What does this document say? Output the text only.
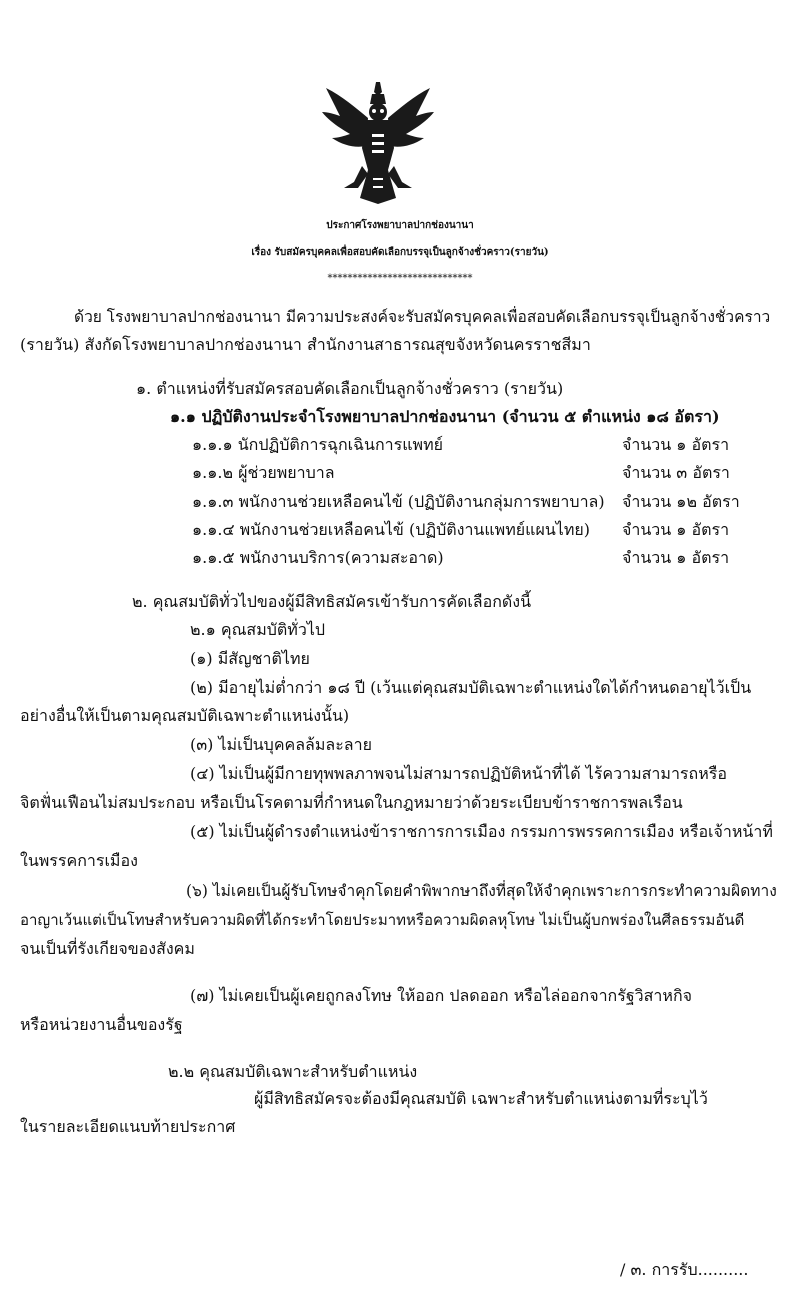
ประกาศโรงพยาบาลปากช่องนานา
เรื่อง รับสมัครบุคคลเพื่อสอบคัดเลือกบรรจุเป็นลูกจ้างชั่วคราว(รายวัน)
*****************************
ด้วย โรงพยาบาลปากช่องนานา มีความประสงค์จะรับสมัครบุคคลเพื่อสอบคัดเลือกบรรจุเป็นลูกจ้างชั่วคราว
(รายวัน) สังกัดโรงพยาบาลปากช่องนานา สำนักงานสาธารณสุขจังหวัดนครราชสีมา
๑. ตำแหน่งที่รับสมัครสอบคัดเลือกเป็นลูกจ้างชั่วคราว (รายวัน)
๑.๑ ปฏิบัติงานประจำโรงพยาบาลปากช่องนานา (จำนวน ๕ ตำแหน่ง ๑๘ อัตรา)
๑.๑.๑ นักปฏิบัติการฉุกเฉินการแพทย์	จำนวน ๑ อัตรา
๑.๑.๒ ผู้ช่วยพยาบาล	จำนวน ๓ อัตรา
๑.๑.๓ พนักงานช่วยเหลือคนไข้ (ปฏิบัติงานกลุ่มการพยาบาล) จำนวน ๑๒ อัตรา
๑.๑.๔ พนักงานช่วยเหลือคนไข้ (ปฏิบัติงานแพทย์แผนไทย) จำนวน ๑ อัตรา
๑.๑.๕ พนักงานบริการ(ความสะอาด)	จำนวน ๑ อัตรา
๒. คุณสมบัติทั่วไปของผู้มีสิทธิสมัครเข้ารับการคัดเลือกดังนี้
๒.๑ คุณสมบัติทั่วไป
(๑) มีสัญชาติไทย
(๒) มีอายุไม่ต่ำกว่า ๑๘ ปี (เว้นแต่คุณสมบัติเฉพาะตำแหน่งใดได้กำหนดอายุไว้เป็น
อย่างอื่นให้เป็นตามคุณสมบัติเฉพาะตำแหน่งนั้น)
(๓) ไม่เป็นบุคคลล้มละลาย
(๔) ไม่เป็นผู้มีกายทุพพลภาพจนไม่สามารถปฏิบัติหน้าที่ได้ ไร้ความสามารถหรือ
จิตฟั่นเฟือนไม่สมประกอบ หรือเป็นโรคตามที่กำหนดในกฎหมายว่าด้วยระเบียบข้าราชการพลเรือน
(๕) ไม่เป็นผู้ดำรงตำแหน่งข้าราชการการเมือง กรรมการพรรคการเมือง หรือเจ้าหน้าที่
ในพรรคการเมือง
(๖) ไม่เคยเป็นผู้รับโทษจำคุกโดยคำพิพากษาถึงที่สุดให้จำคุกเพราะการกระทำความผิดทาง
อาญาเว้นแต่เป็นโทษสำหรับความผิดที่ได้กระทำโดยประมาทหรือความผิดลหุโทษ ไม่เป็นผู้บกพร่องในศีลธรรมอันดี
จนเป็นที่รังเกียจของสังคม
(๗) ไม่เคยเป็นผู้เคยถูกลงโทษ ให้ออก ปลดออก หรือไล่ออกจากรัฐวิสาหกิจ
หรือหน่วยงานอื่นของรัฐ
๒.๒ คุณสมบัติเฉพาะสำหรับตำแหน่ง
ผู้มีสิทธิสมัครจะต้องมีคุณสมบัติ เฉพาะสำหรับตำแหน่งตามที่ระบุไว้
ในรายละเอียดแนบท้ายประกาศ
/ ๓. การรับ..........
